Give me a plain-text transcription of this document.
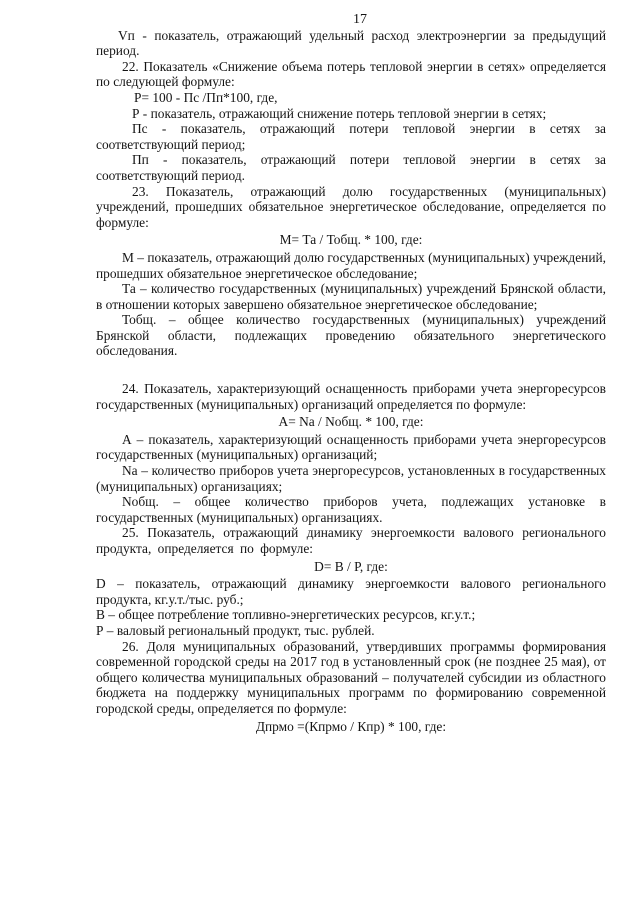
17

Vп - показатель, отражающий удельный расход электроэнергии за предыдущий период.

22. Показатель «Снижение объема потерь тепловой энергии в сетях» определяется по следующей формуле:

Р= 100 - Пс /Пп*100, где,

Р - показатель, отражающий снижение потерь тепловой энергии в сетях;

Пс - показатель, отражающий потери тепловой энергии в сетях за соответствующий период;

Пп - показатель, отражающий потери тепловой энергии в сетях за соответствующий период.

23. Показатель, отражающий долю государственных (муниципальных) учреждений, прошедших обязательное энергетическое обследование, определяется по формуле:

М= Та / Тобщ. * 100, где:

М – показатель, отражающий долю государственных (муниципальных) учреждений, прошедших обязательное энергетическое обследование;

Та – количество государственных (муниципальных) учреждений Брянской области, в отношении которых завершено обязательное энергетическое обследование;

Тобщ. – общее количество государственных (муниципальных) учреждений Брянской области, подлежащих проведению обязательного энергетического обследования.

24. Показатель, характеризующий оснащенность приборами учета энергоресурсов государственных (муниципальных) организаций определяется по формуле:

А= Nа / Nобщ. * 100, где:

А – показатель, характеризующий оснащенность приборами учета энергоресурсов государственных (муниципальных) организаций;

Nа – количество приборов учета энергоресурсов, установленных в государственных (муниципальных) организациях;

Nобщ. – общее количество приборов учета, подлежащих установке в государственных (муниципальных) организациях.

25. Показатель, отражающий динамику энергоемкости валового регионального продукта, определяется по формуле:

D= В / Р, где:

D – показатель, отражающий динамику энергоемкости валового регионального продукта, кг.у.т./тыс. руб.;

В – общее потребление топливно-энергетических ресурсов, кг.у.т.;

Р – валовый региональный продукт, тыс. рублей.

26. Доля муниципальных образований, утвердивших программы формирования современной городской среды на 2017 год в установленный срок (не позднее 25 мая), от общего количества муниципальных образований – получателей субсидии из областного бюджета на поддержку муниципальных программ по формированию современной городской среды, определяется по формуле:

Дпрмо =(Кпрмо / Кпр) * 100, где:
